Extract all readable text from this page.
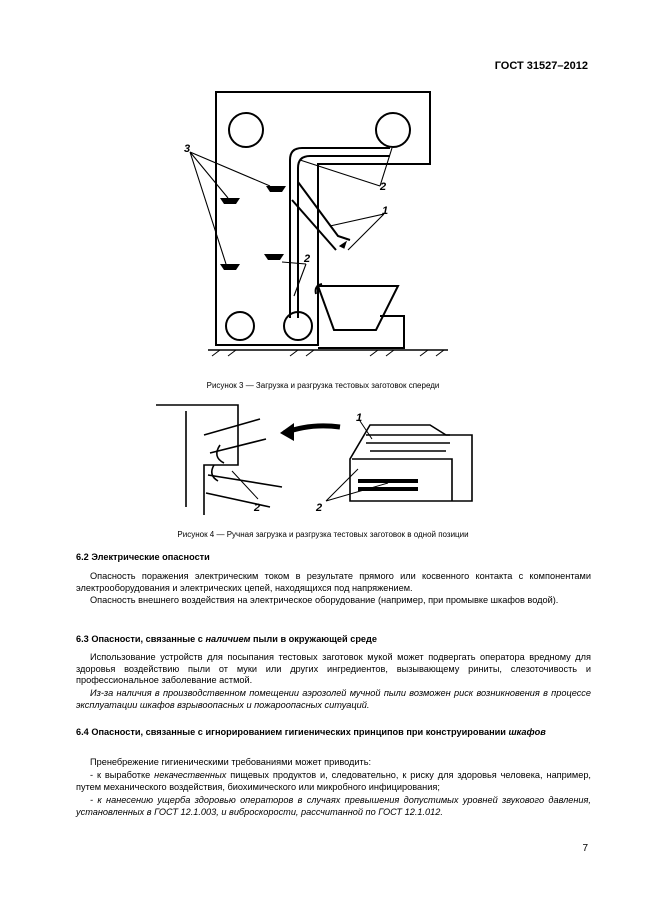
ГОСТ 31527–2012
3
2
1
2
Рисунок 3 — Загрузка и разгрузка тестовых заготовок спереди
1
2	2
Рисунок 4 — Ручная загрузка и разгрузка тестовых заготовок в одной позиции
6.2 Электрические опасности
Опасность поражения электрическим током в результате прямого или косвенного контакта с компонентами электрооборудования и электрических цепей, находящихся под напряжением.
Опасность внешнего воздействия на электрическое оборудование (например, при промывке шкафов водой).
6.3 Опасности, связанные с наличием пыли в окружающей среде
Использование устройств для посыпания тестовых заготовок мукой может подвергать оператора вредному для здоровья воздействию пыли от муки или других ингредиентов, вызывающему риниты, слезоточивость и профессиональное заболевание астмой.
Из-за наличия в производственном помещении аэрозолей мучной пыли возможен риск возникновения в процессе эксплуатации шкафов взрывоопасных и пожароопасных ситуаций.
6.4 Опасности, связанные с игнорированием гигиенических принципов при конструировании шкафов
Пренебрежение гигиеническими требованиями может приводить:
- к выработке некачественных пищевых продуктов и, следовательно, к риску для здоровья человека, например, путем механического воздействия, биохимического или микробного инфицирования;
- к нанесению ущерба здоровью операторов в случаях превышения допустимых уровней звукового давления, установленных в ГОСТ 12.1.003, и виброскорости, рассчитанной по ГОСТ 12.1.012.
7
